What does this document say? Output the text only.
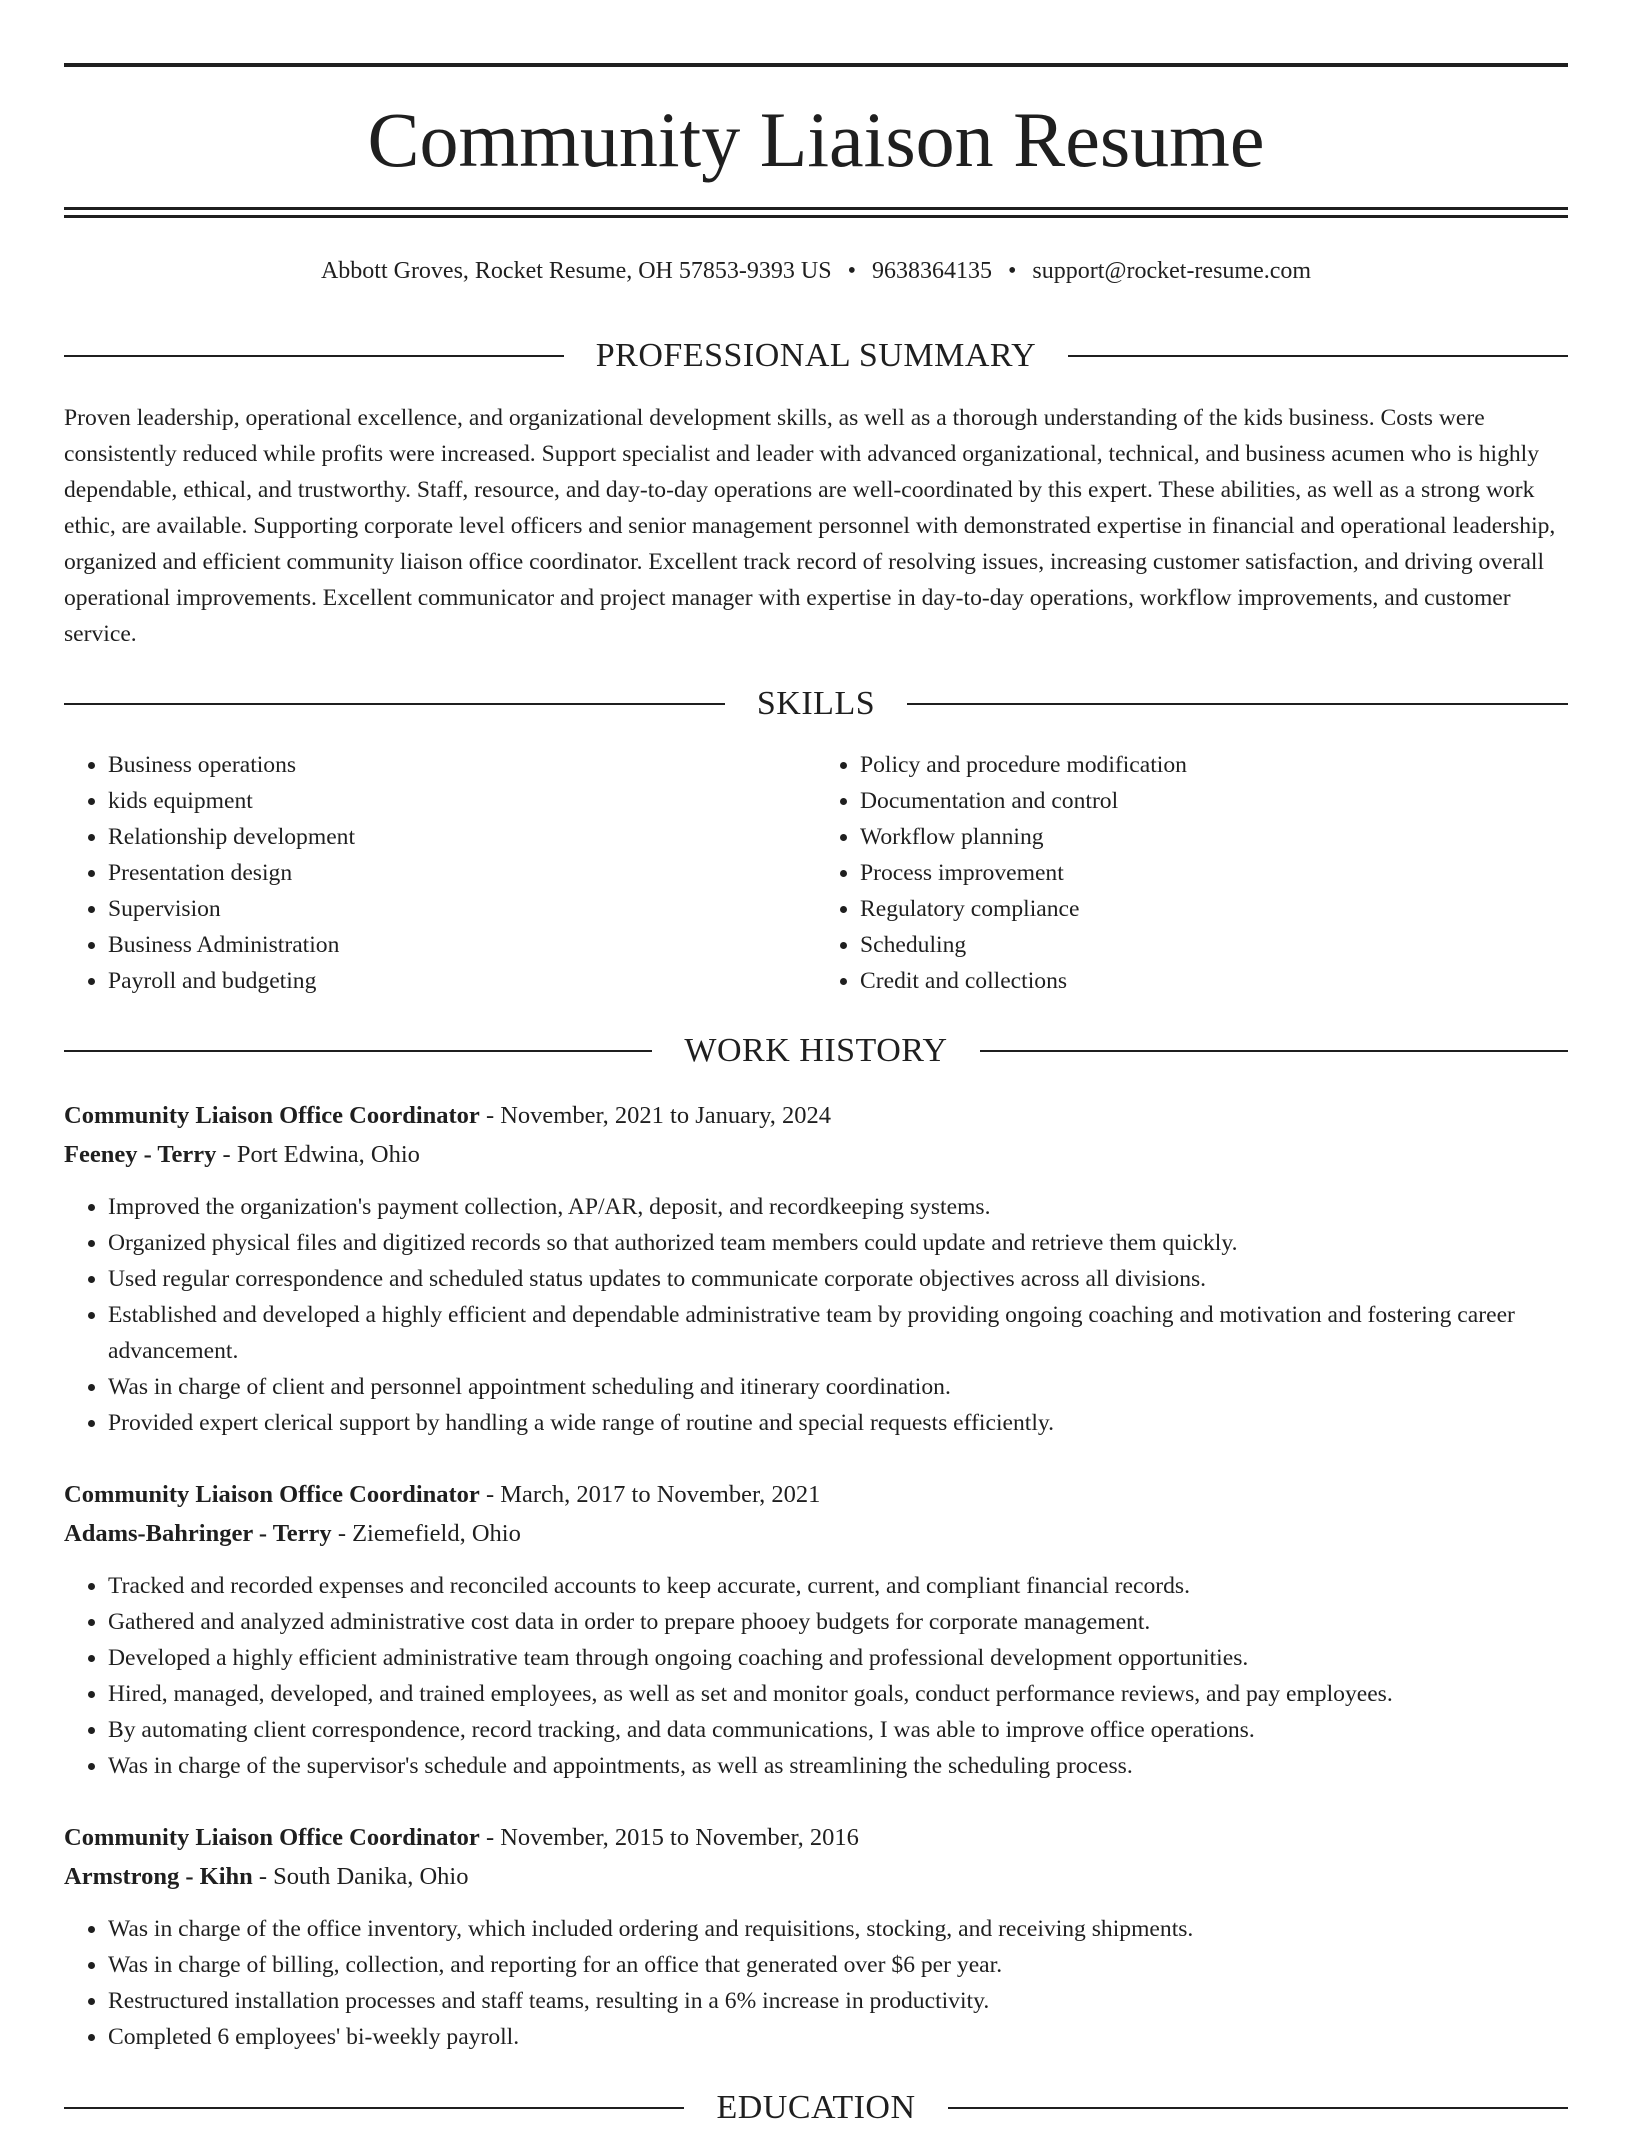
Community Liaison Resume
Abbott Groves, Rocket Resume, OH 57853-9393 US • 9638364135 • support@rocket-resume.com
PROFESSIONAL SUMMARY

Proven leadership, operational excellence, and organizational development skills, as well as a thorough understanding of the kids business. Costs were consistently reduced while profits were increased. Support specialist and leader with advanced organizational, technical, and business acumen who is highly dependable, ethical, and trustworthy. Staff, resource, and day-to-day operations are well-coordinated by this expert. These abilities, as well as a strong work ethic, are available. Supporting corporate level officers and senior management personnel with demonstrated expertise in financial and operational leadership, organized and efficient community liaison office coordinator. Excellent track record of resolving issues, increasing customer satisfaction, and driving overall operational improvements. Excellent communicator and project manager with expertise in day-to-day operations, workflow improvements, and customer service.

SKILLS
• Business operations
• kids equipment
• Relationship development
• Presentation design
• Supervision
• Business Administration
• Payroll and budgeting
• Policy and procedure modification
• Documentation and control
• Workflow planning
• Process improvement
• Regulatory compliance
• Scheduling
• Credit and collections
WORK HISTORY
Community Liaison Office Coordinator - November, 2021 to January, 2024
Feeney - Terry - Port Edwina, Ohio
• Improved the organization's payment collection, AP/AR, deposit, and recordkeeping systems.
• Organized physical files and digitized records so that authorized team members could update and retrieve them quickly.
• Used regular correspondence and scheduled status updates to communicate corporate objectives across all divisions.
• Established and developed a highly efficient and dependable administrative team by providing ongoing coaching and motivation and fostering career advancement.
• Was in charge of client and personnel appointment scheduling and itinerary coordination.
• Provided expert clerical support by handling a wide range of routine and special requests efficiently.
Community Liaison Office Coordinator - March, 2017 to November, 2021
Adams-Bahringer - Terry - Ziemefield, Ohio
• Tracked and recorded expenses and reconciled accounts to keep accurate, current, and compliant financial records.
• Gathered and analyzed administrative cost data in order to prepare phooey budgets for corporate management.
• Developed a highly efficient administrative team through ongoing coaching and professional development opportunities.
• Hired, managed, developed, and trained employees, as well as set and monitor goals, conduct performance reviews, and pay employees.
• By automating client correspondence, record tracking, and data communications, I was able to improve office operations.
• Was in charge of the supervisor's schedule and appointments, as well as streamlining the scheduling process.
Community Liaison Office Coordinator - November, 2015 to November, 2016
Armstrong - Kihn - South Danika, Ohio
• Was in charge of the office inventory, which included ordering and requisitions, stocking, and receiving shipments.
• Was in charge of billing, collection, and reporting for an office that generated over $6 per year.
• Restructured installation processes and staff teams, resulting in a 6% increase in productivity.
• Completed 6 employees' bi-weekly payroll.
EDUCATION
